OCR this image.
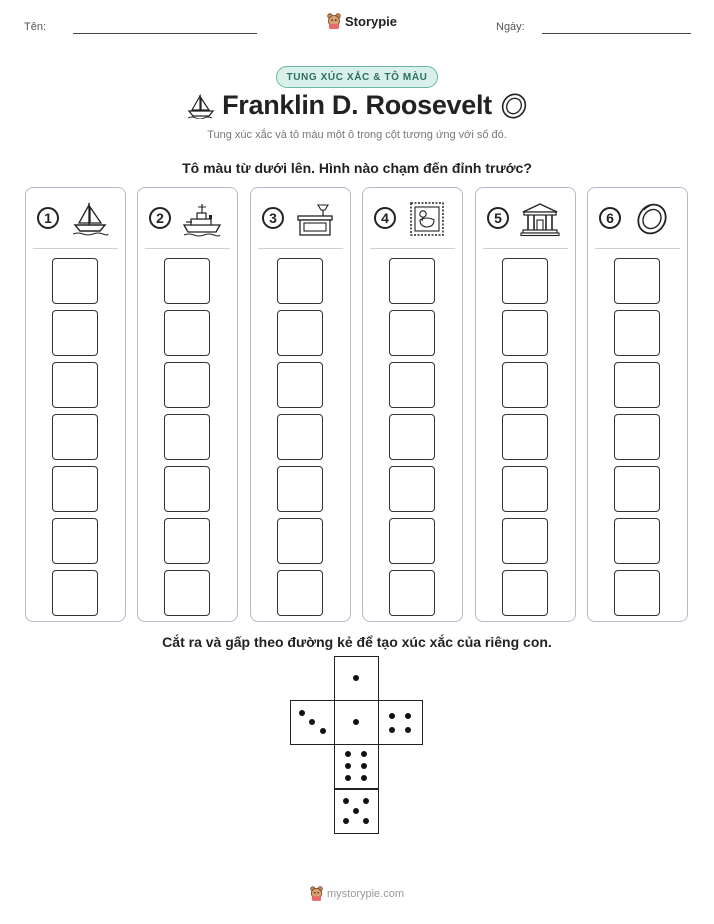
Tên:	Storypie	Ngày:
TUNG XÚC XẮC & TÔ MÀU
Franklin D. Roosevelt
Tung xúc xắc và tô màu một ô trong cột tương ứng với số đó.
Tô màu từ dưới lên. Hình nào chạm đến đỉnh trước?
1	2	3	4	5	6
Cắt ra và gấp theo đường kẻ để tạo xúc xắc của riêng con.
mystorypie.com
